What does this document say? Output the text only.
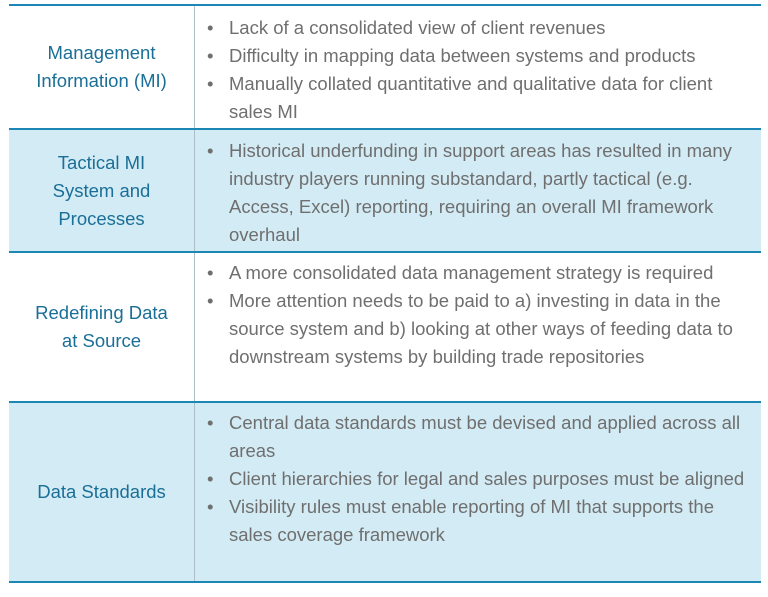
Management Information (MI)
• Lack of a consolidated view of client revenues
• Difficulty in mapping data between systems and products
• Manually collated quantitative and qualitative data for client sales MI
Tactical MI System and Processes
• Historical underfunding in support areas has resulted in many industry players running substandard, partly tactical (e.g. Access, Excel) reporting, requiring an overall MI framework overhaul
Redefining Data at Source
• A more consolidated data management strategy is required
• More attention needs to be paid to a) investing in data in the source system and b) looking at other ways of feeding data to downstream systems by building trade repositories
Data Standards
• Central data standards must be devised and applied across all areas
• Client hierarchies for legal and sales purposes must be aligned
• Visibility rules must enable reporting of MI that supports the sales coverage framework
